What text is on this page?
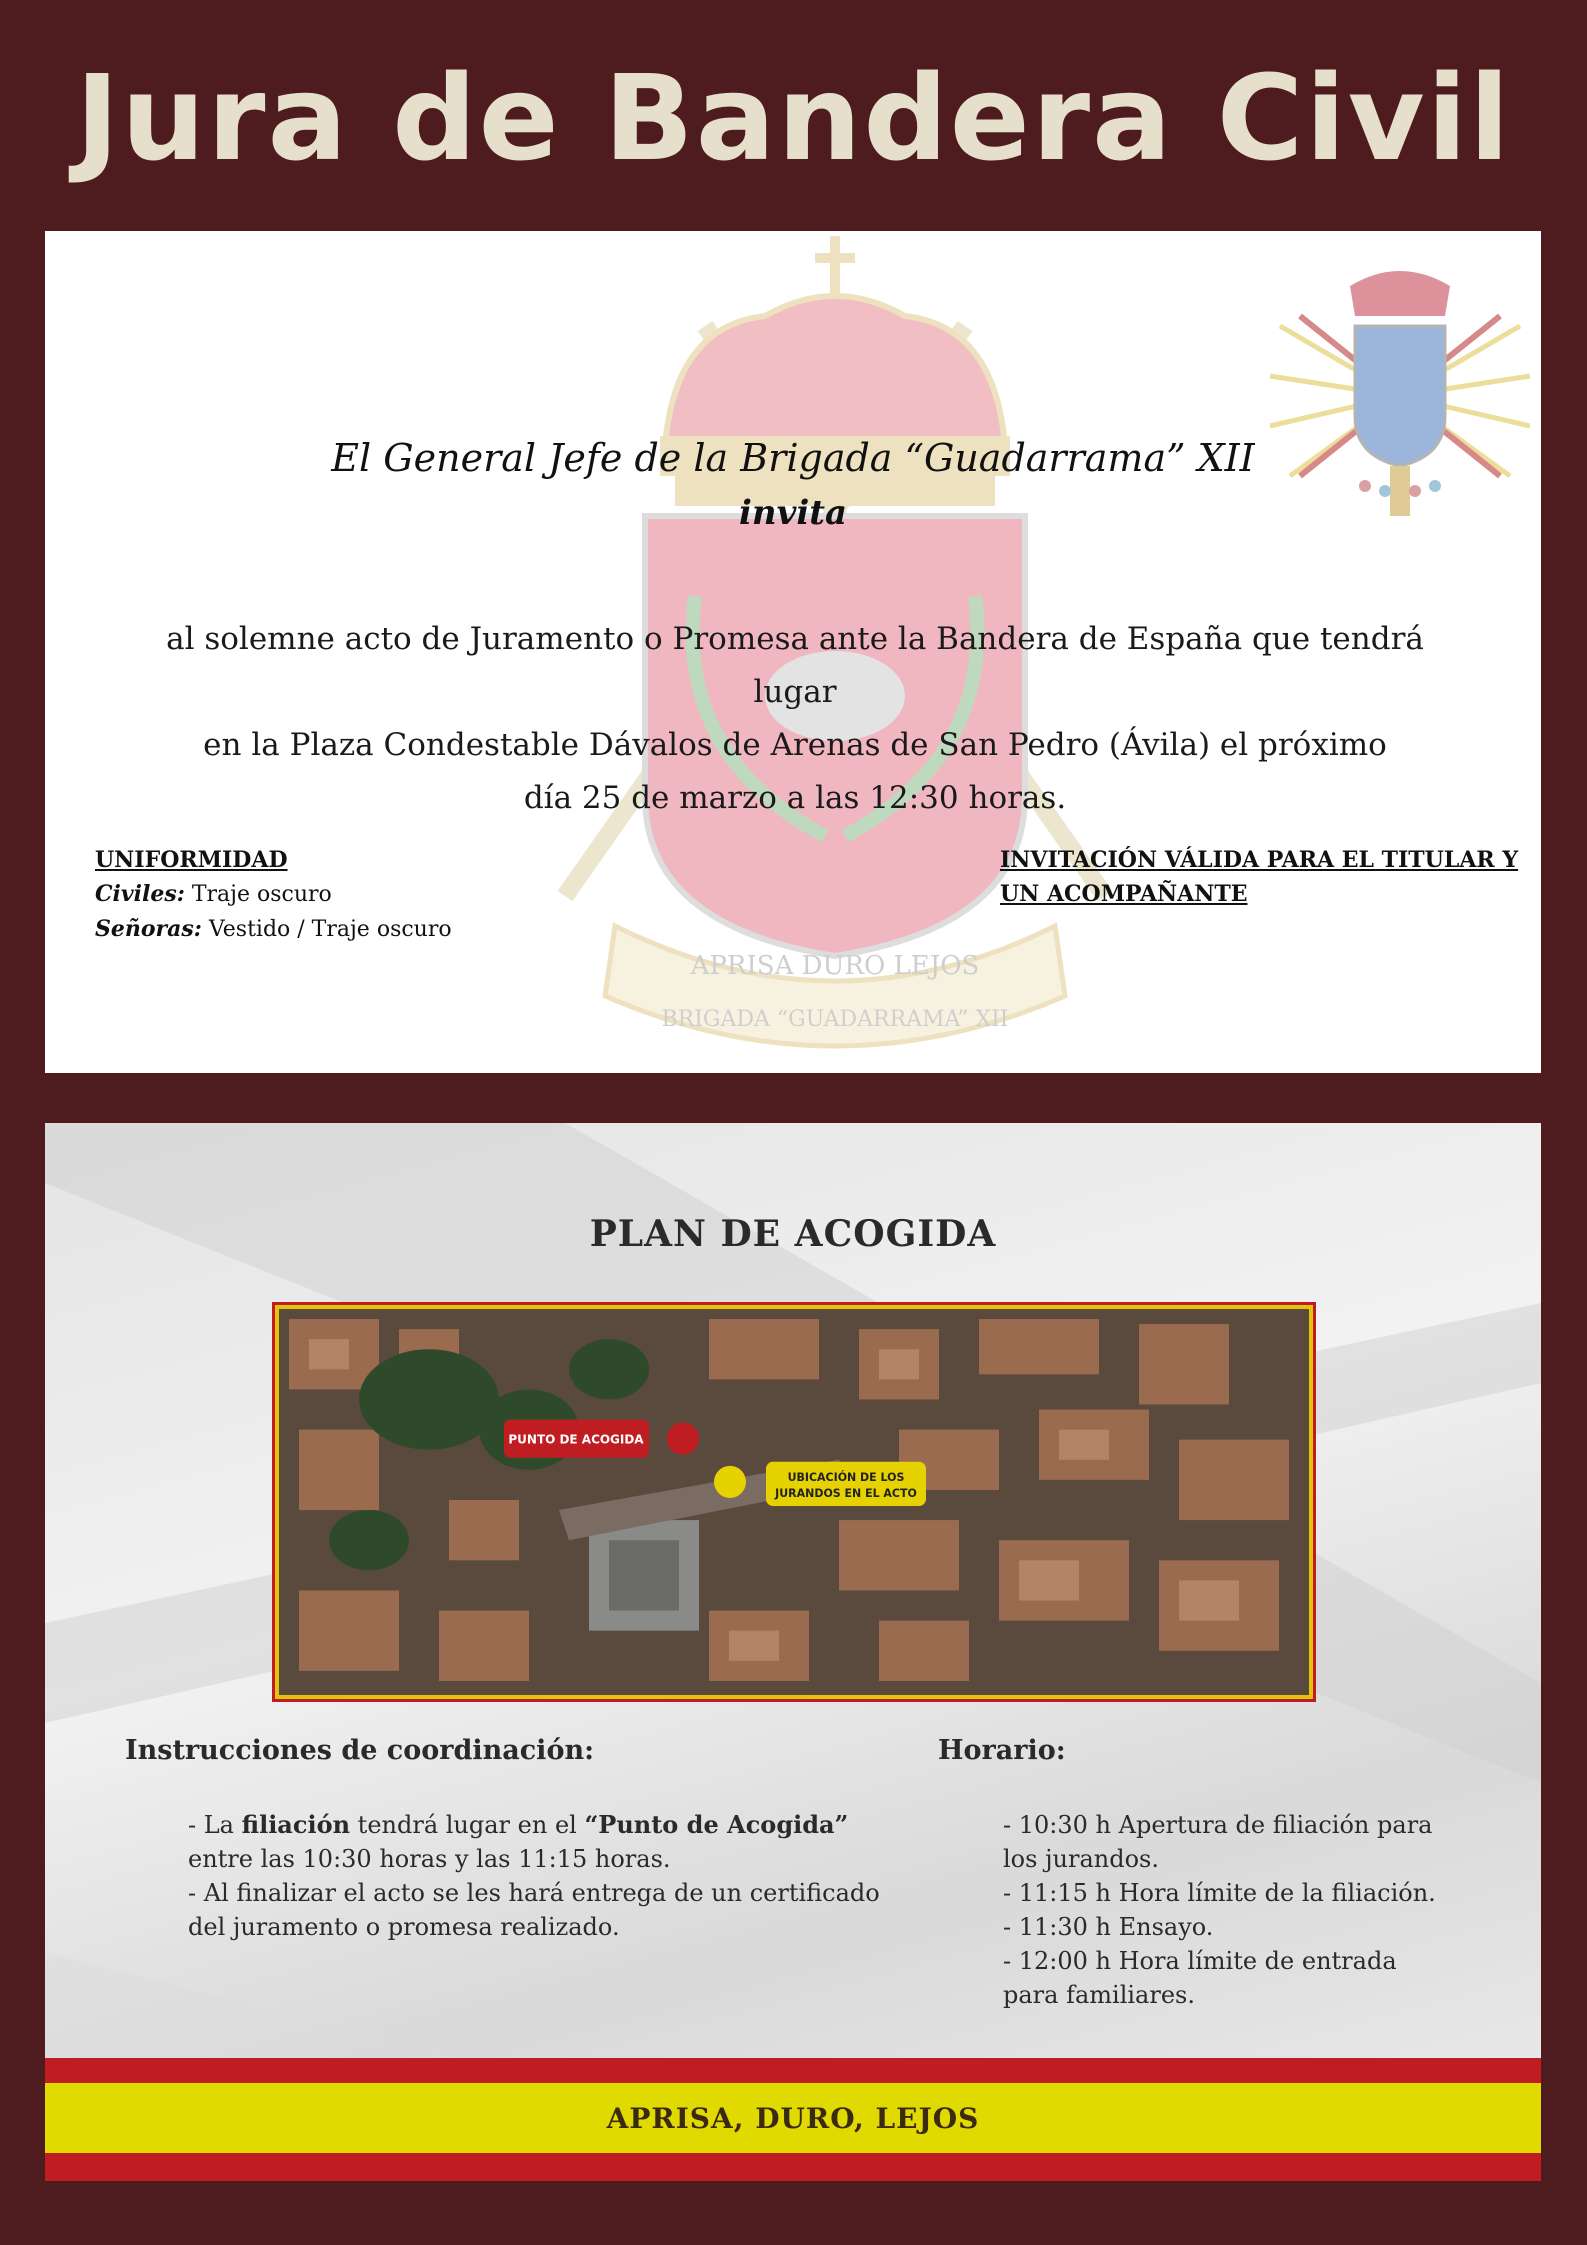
Jura de Bandera Civil
APRISA DURO LEJOS
BRIGADA “GUADARRAMA” XII
El General Jefe de la Brigada “Guadarrama” XII
invita
al solemne acto de Juramento o Promesa ante la Bandera de España que tendrá lugar
en la Plaza Condestable Dávalos de Arenas de San Pedro (Ávila) el próximo
día 25 de marzo a las 12:30 horas.
UNIFORMIDAD
Civiles: Traje oscuro
Señoras: Vestido / Traje oscuro
INVITACIÓN VÁLIDA PARA EL TITULAR Y UN ACOMPAÑANTE
PLAN DE ACOGIDA
PUNTO DE ACOGIDA
UBICACIÓN DE LOS
JURANDOS EN EL ACTO
Instrucciones de coordinación:	Horario:

- La filiación tendrá lugar en el “Punto de Acogida”

entre las 10:30 horas y las 11:15 horas.

- Al finalizar el acto se les hará entrega de un certificado

del juramento o promesa realizado.

- 10:30 h Apertura de filiación para

los jurandos.

- 11:15 h Hora límite de la filiación.

- 11:30 h Ensayo.

- 12:00 h Hora límite de entrada

para familiares.

APRISA, DURO, LEJOS
